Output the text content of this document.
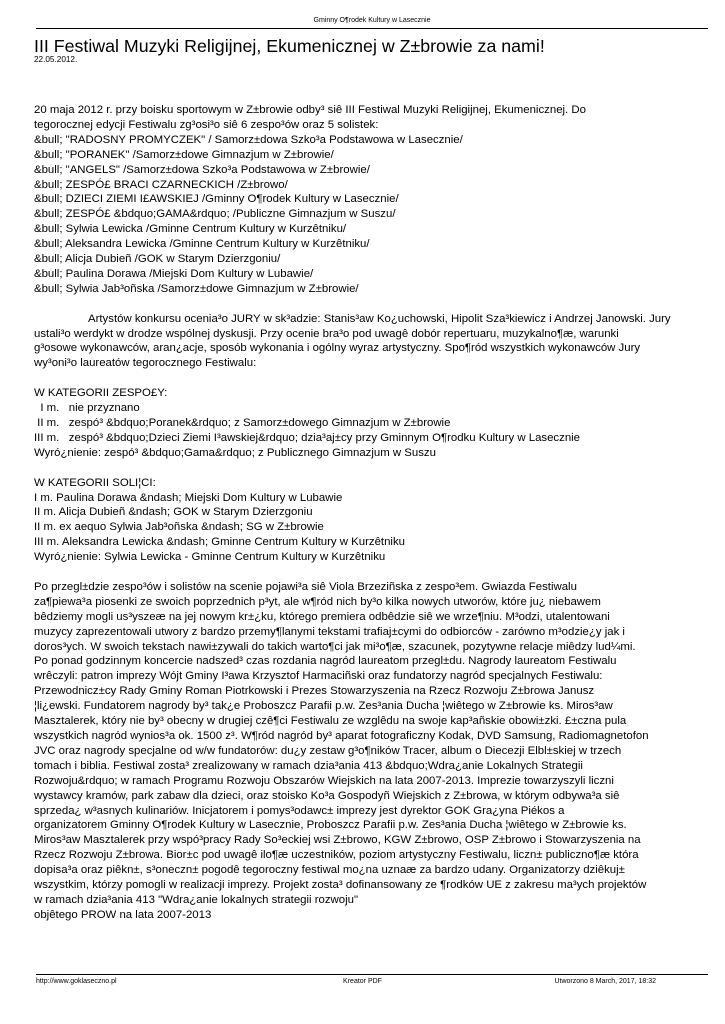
Gminny O¶rodek Kultury w Lasecznie
III Festiwal Muzyki Religijnej, Ekumenicznej w Z±browie za nami!
22.05.2012.

20 maja 2012 r. przy boisku sportowym w Z±browie odby³ siê III Festiwal Muzyki Religijnej, Ekumenicznej. Do

tegorocznej edycji Festiwalu zg³osi³o siê 6 zespo³ów oraz 5 solistek:

&bull; "RADOSNY PROMYCZEK" / Samorz±dowa Szko³a Podstawowa w Lasecznie/

&bull; "PORANEK" /Samorz±dowe Gimnazjum w Z±browie/

&bull; "ANGELS" /Samorz±dowa Szko³a Podstawowa w Z±browie/

&bull; ZESPÓ£ BRACI CZARNECKICH /Z±browo/

&bull; DZIECI ZIEMI I£AWSKIEJ /Gminny O¶rodek Kultury w Lasecznie/

&bull; ZESPÓ£ &bdquo;GAMA&rdquo; /Publiczne Gimnazjum w Suszu/

&bull; Sylwia Lewicka /Gminne Centrum Kultury w Kurzêtniku/

&bull; Aleksandra Lewicka /Gminne Centrum Kultury w Kurzêtniku/

&bull; Alicja Dubieñ /GOK w Starym Dzierzgoniu/

&bull; Paulina Dorawa /Miejski Dom Kultury w Lubawie/

&bull; Sylwia Jab³oñska /Samorz±dowe Gimnazjum w Z±browie/

Artystów konkursu ocenia³o JURY w sk³adzie: Stanis³aw Ko¿uchowski, Hipolit Sza³kiewicz i Andrzej Janowski. Jury

ustali³o werdykt w drodze wspólnej dyskusji. Przy ocenie bra³o pod uwagê dobór repertuaru, muzykalno¶æ, warunki

g³osowe wykonawców, aran¿acje, sposób wykonania i ogólny wyraz artystyczny. Spo¶ród wszystkich wykonawców Jury

wy³oni³o laureatów tegorocznego Festiwalu:

W KATEGORII ZESPO£Y:

I m.   nie przyznano

II m.   zespó³ &bdquo;Poranek&rdquo; z Samorz±dowego Gimnazjum w Z±browie

III m.   zespó³ &bdquo;Dzieci Ziemi I³awskiej&rdquo; dzia³aj±cy przy Gminnym O¶rodku Kultury w Lasecznie

Wyró¿nienie: zespó³ &bdquo;Gama&rdquo; z Publicznego Gimnazjum w Suszu

W KATEGORII SOLI¦CI:

I m. Paulina Dorawa &ndash; Miejski Dom Kultury w Lubawie

II m. Alicja Dubieñ &ndash; GOK w Starym Dzierzgoniu

II m. ex aequo Sylwia Jab³oñska &ndash; SG w Z±browie

III m. Aleksandra Lewicka &ndash; Gminne Centrum Kultury w Kurzêtniku

Wyró¿nienie: Sylwia Lewicka - Gminne Centrum Kultury w Kurzêtniku

Po przegl±dzie zespo³ów i solistów na scenie pojawi³a siê Viola Brzeziñska z zespo³em. Gwiazda Festiwalu

za¶piewa³a piosenki ze swoich poprzednich p³yt, ale w¶ród nich by³o kilka nowych utworów, które ju¿ niebawem

bêdziemy mogli us³yszeæ na jej nowym kr±¿ku, którego premiera odbêdzie siê we wrze¶niu. M³odzi, utalentowani

muzycy zaprezentowali utwory z bardzo przemy¶lanymi tekstami trafiaj±cymi do odbiorców - zarówno m³odzie¿y jak i

doros³ych. W swoich tekstach nawi±zywali do takich warto¶ci jak mi³o¶æ, szacunek, pozytywne relacje miêdzy lud¼mi.

Po ponad godzinnym koncercie nadszed³ czas rozdania nagród laureatom przegl±du. Nagrody laureatom Festiwalu

wrêczyli: patron imprezy Wójt Gminy I³awa Krzysztof Harmaciñski oraz fundatorzy nagród specjalnych Festiwalu:

Przewodnicz±cy Rady Gminy Roman Piotrkowski i Prezes Stowarzyszenia na Rzecz Rozwoju Z±browa Janusz

¦li¿ewski. Fundatorem nagrody by³ tak¿e Proboszcz Parafii p.w. Zes³ania Ducha ¦wiêtego w Z±browie ks. Miros³aw

Masztalerek, który nie by³ obecny w drugiej czê¶ci Festiwalu ze wzglêdu na swoje kap³añskie obowi±zki. £±czna pula

wszystkich nagród wynios³a ok. 1500 z³. W¶ród nagród by³ aparat fotograficzny Kodak, DVD Samsung, Radiomagnetofon

JVC oraz nagrody specjalne od w/w fundatorów: du¿y zestaw g³o¶ników Tracer, album o Diecezji Elbl±skiej w trzech

tomach i biblia. Festiwal zosta³ zrealizowany w ramach dzia³ania 413 &bdquo;Wdra¿anie Lokalnych Strategii

Rozwoju&rdquo; w ramach Programu Rozwoju Obszarów Wiejskich na lata 2007-2013. Imprezie towarzyszyli liczni

wystawcy kramów, park zabaw dla dzieci, oraz stoisko Ko³a Gospodyñ Wiejskich z Z±browa, w którym odbywa³a siê

sprzeda¿ w³asnych kulinariów. Inicjatorem i pomys³odawc± imprezy jest dyrektor GOK Gra¿yna Piékos a

organizatorem Gminny O¶rodek Kultury w Lasecznie, Proboszcz Parafii p.w. Zes³ania Ducha ¦wiêtego w Z±browie ks.

Miros³aw Masztalerek przy wspó³pracy Rady So³eckiej wsi Z±browo, KGW Z±browo, OSP Z±browo i Stowarzyszenia na

Rzecz Rozwoju Z±browa. Bior±c pod uwagê ilo¶æ uczestników, poziom artystyczny Festiwalu, liczn± publiczno¶æ która

dopisa³a oraz piêkn±, s³oneczn± pogodê tegoroczny festiwal mo¿na uznaæ za bardzo udany. Organizatorzy dziêkuj±

wszystkim, którzy pomogli w realizacji imprezy. Projekt zosta³ dofinansowany ze ¶rodków UE z zakresu ma³ych projektów

w ramach dzia³ania 413 "Wdra¿anie lokalnych strategii rozwoju"

objêtego PROW na lata 2007-2013

http://www.goklaseczno.pl	Kreator PDF	Utworzono 8 March, 2017, 18:32
